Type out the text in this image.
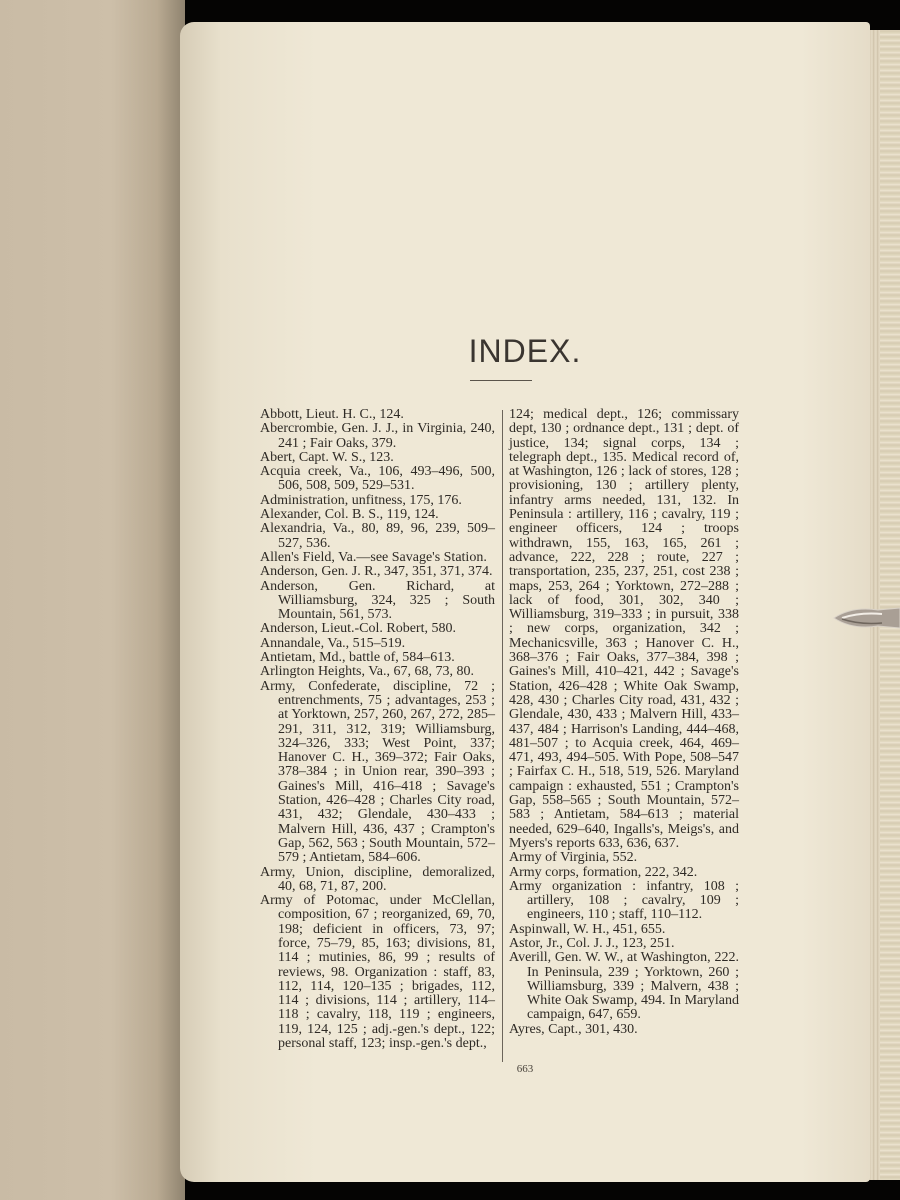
INDEX.
Abbott, Lieut. H. C., 124.
Abercrombie, Gen. J. J., in Virginia, 240, 241 ; Fair Oaks, 379.
Abert, Capt. W. S., 123.
Acquia creek, Va., 106, 493–496, 500, 506, 508, 509, 529–531.
Administration, unfitness, 175, 176.
Alexander, Col. B. S., 119, 124.
Alexandria, Va., 80, 89, 96, 239, 509–527, 536.
Allen's Field, Va.—see Savage's Station.
Anderson, Gen. J. R., 347, 351, 371, 374.
Anderson, Gen. Richard, at Williamsburg, 324, 325 ; South Mountain, 561, 573.
Anderson, Lieut.-Col. Robert, 580.
Annandale, Va., 515–519.
Antietam, Md., battle of, 584–613.
Arlington Heights, Va., 67, 68, 73, 80.
Army, Confederate, discipline, 72 ; entrenchments, 75 ; advantages, 253 ; at Yorktown, 257, 260, 267, 272, 285–291, 311, 312, 319; Williamsburg, 324–326, 333; West Point, 337; Hanover C. H., 369–372; Fair Oaks, 378–384 ; in Union rear, 390–393 ; Gaines's Mill, 416–418 ; Savage's Station, 426–428 ; Charles City road, 431, 432; Glendale, 430–433 ; Malvern Hill, 436, 437 ; Crampton's Gap, 562, 563 ; South Mountain, 572–579 ; Antietam, 584–606.
Army, Union, discipline, demoralized, 40, 68, 71, 87, 200.
Army of Potomac, under McClellan, composition, 67 ; reorganized, 69, 70, 198; deficient in officers, 73, 97; force, 75–79, 85, 163; divisions, 81, 114 ; mutinies, 86, 99 ; results of reviews, 98. Organization : staff, 83, 112, 114, 120–135 ; brigades, 112, 114 ; divisions, 114 ; artillery, 114–118 ; cavalry, 118, 119 ; engineers, 119, 124, 125 ; adj.-gen.'s dept., 122; personal staff, 123; insp.-gen.'s dept.,
124; medical dept., 126; commissary dept, 130 ; ordnance dept., 131 ; dept. of justice, 134; signal corps, 134 ; telegraph dept., 135. Medical record of, at Washington, 126 ; lack of stores, 128 ; provisioning, 130 ; artillery plenty, infantry arms needed, 131, 132. In Peninsula : artillery, 116 ; cavalry, 119 ; engineer officers, 124 ; troops withdrawn, 155, 163, 165, 261 ; advance, 222, 228 ; route, 227 ; transportation, 235, 237, 251, cost 238 ; maps, 253, 264 ; Yorktown, 272–288 ; lack of food, 301, 302, 340 ; Williamsburg, 319–333 ; in pursuit, 338 ; new corps, organization, 342 ; Mechanicsville, 363 ; Hanover C. H., 368–376 ; Fair Oaks, 377–384, 398 ; Gaines's Mill, 410–421, 442 ; Savage's Station, 426–428 ; White Oak Swamp, 428, 430 ; Charles City road, 431, 432 ; Glendale, 430, 433 ; Malvern Hill, 433–437, 484 ; Harrison's Landing, 444–468, 481–507 ; to Acquia creek, 464, 469–471, 493, 494–505. With Pope, 508–547 ; Fairfax C. H., 518, 519, 526. Maryland campaign : exhausted, 551 ; Crampton's Gap, 558–565 ; South Mountain, 572–583 ; Antietam, 584–613 ; material needed, 629–640, Ingalls's, Meigs's, and Myers's reports 633, 636, 637.
Army of Virginia, 552.
Army corps, formation, 222, 342.
Army organization : infantry, 108 ; artillery, 108 ; cavalry, 109 ; engineers, 110 ; staff, 110–112.
Aspinwall, W. H., 451, 655.
Astor, Jr., Col. J. J., 123, 251.
Averill, Gen. W. W., at Washington, 222. In Peninsula, 239 ; Yorktown, 260 ; Williamsburg, 339 ; Malvern, 438 ; White Oak Swamp, 494. In Maryland campaign, 647, 659.
Ayres, Capt., 301, 430.
663
